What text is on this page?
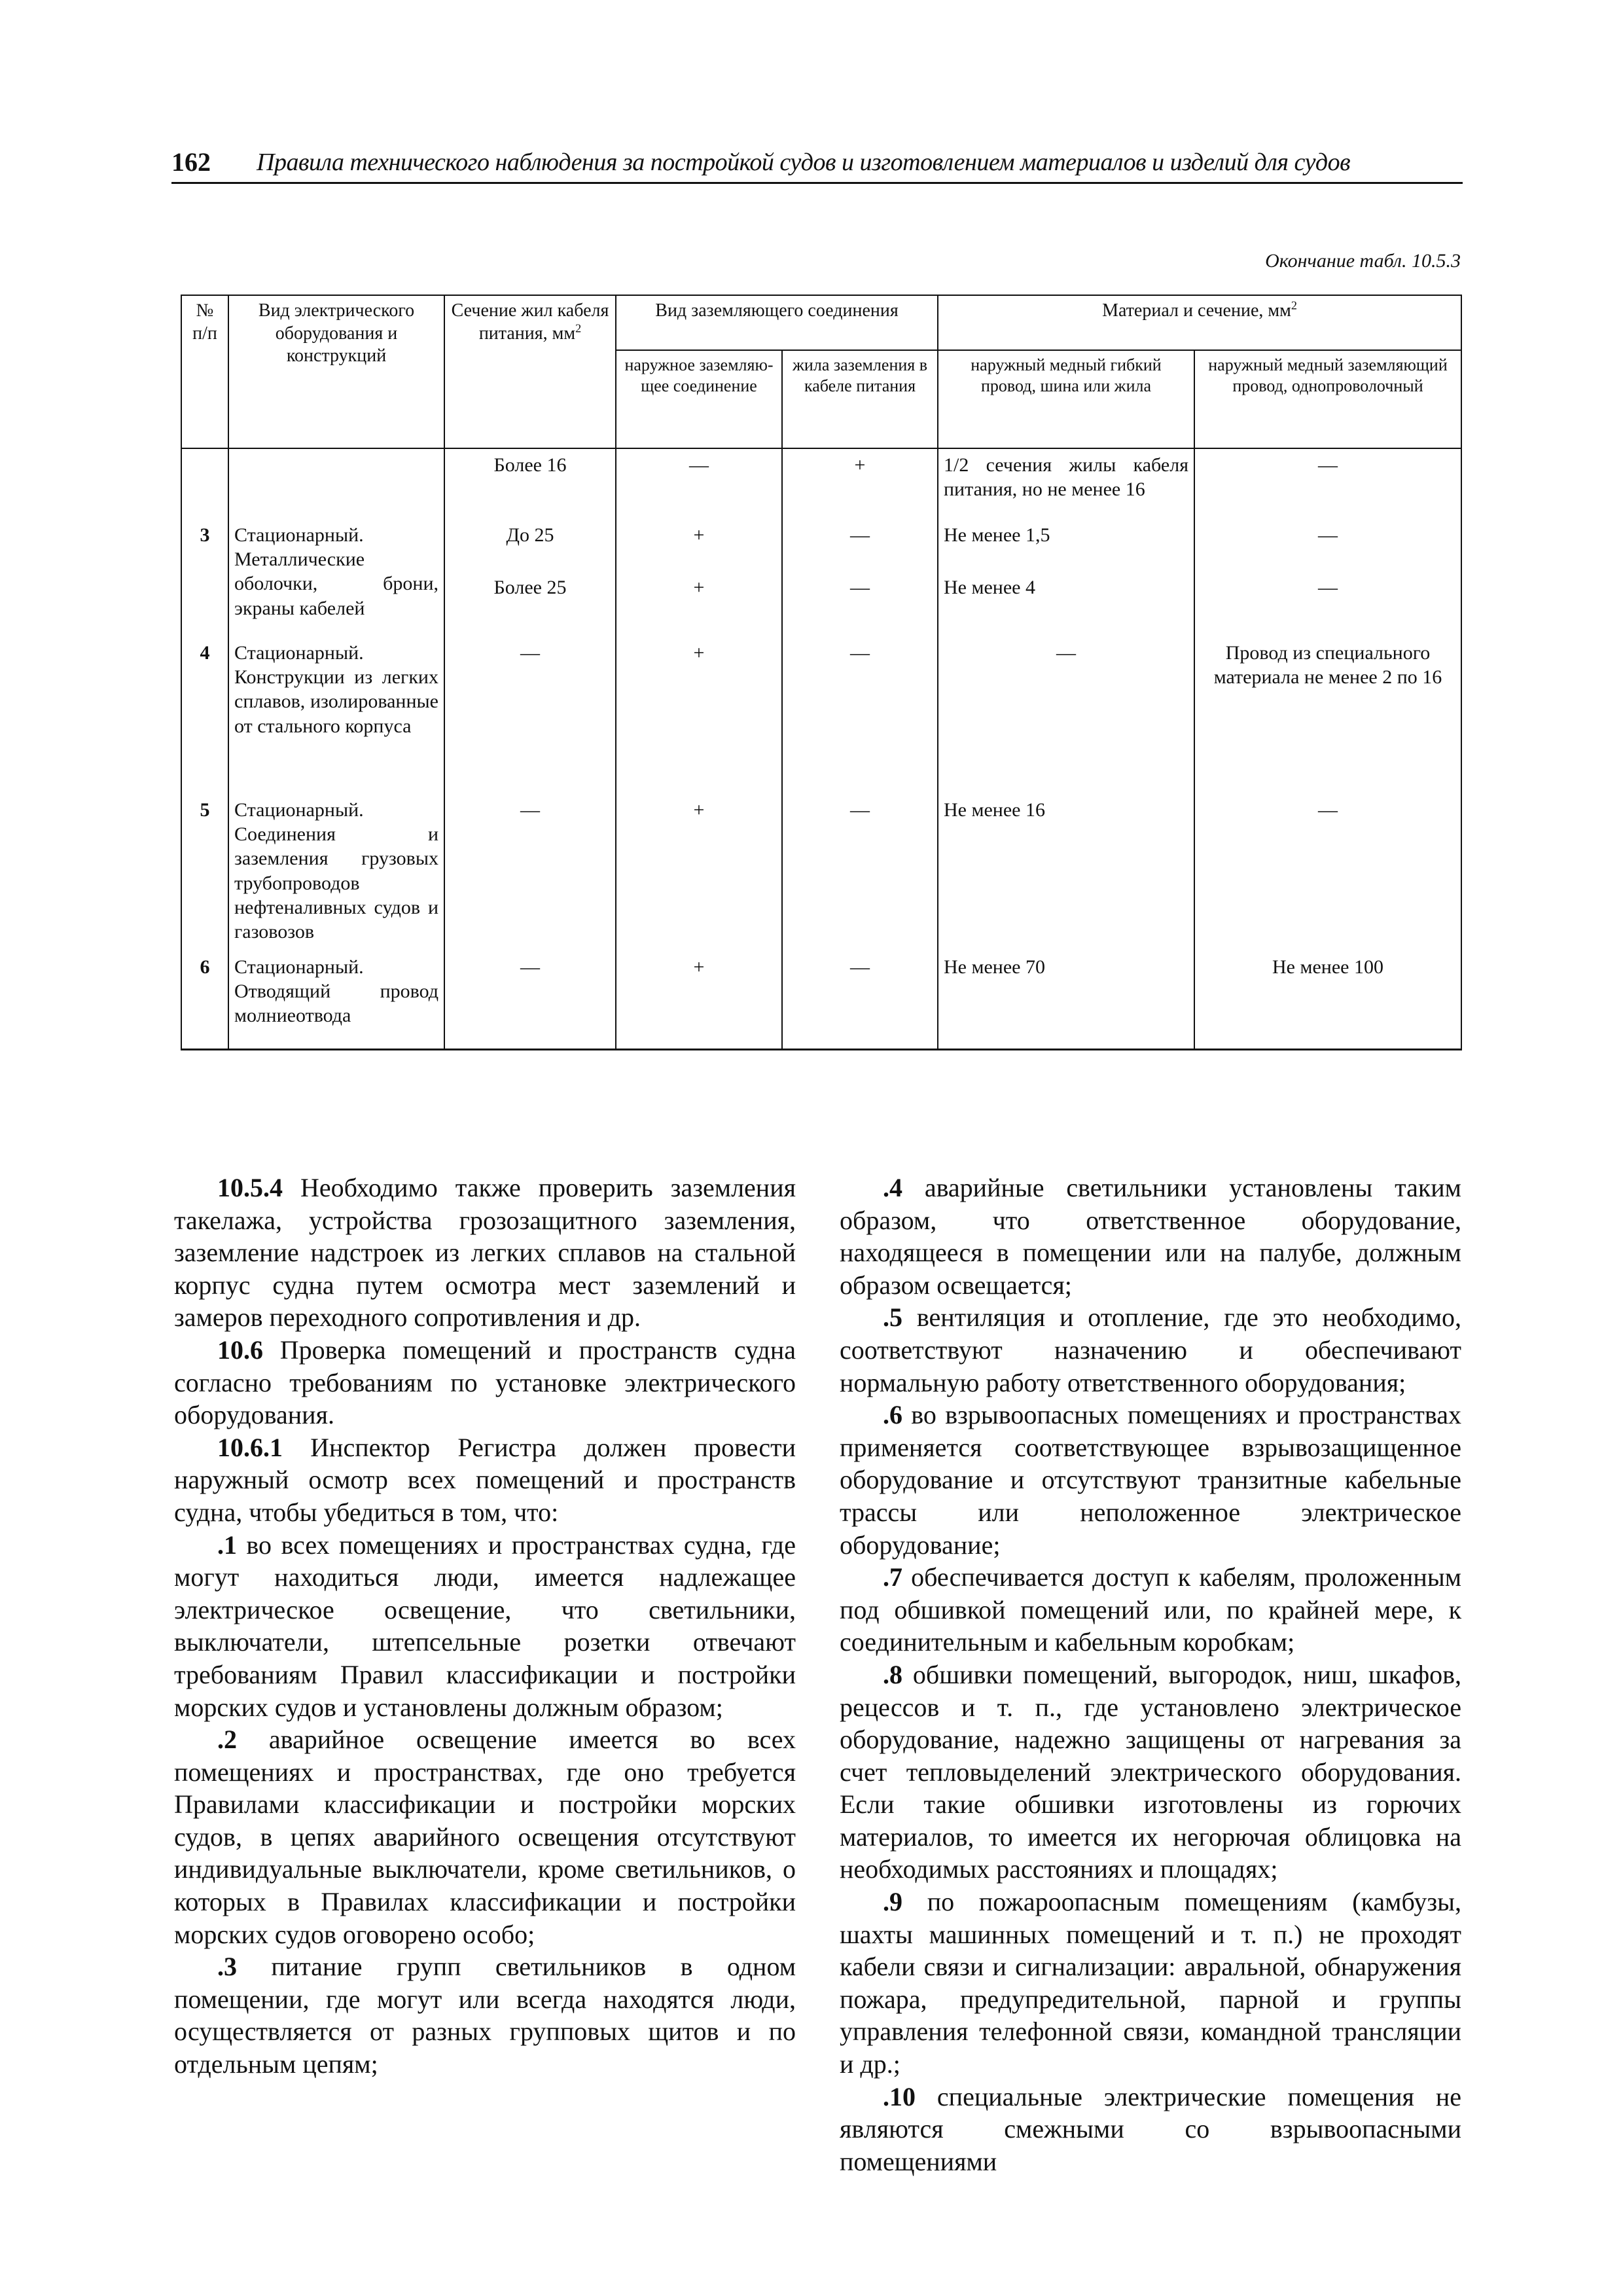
162 Правила технического наблюдения за постройкой судов и изготовлением материалов и изделий для судов
Окончание табл. 10.5.3
№ п/п	Вид электрического оборудования и конструкций	Сечение жил кабеля питания, $мм^2$	Вид заземляющего соединения		Материал и сечение, $мм^2$
			наружное заземляю-щее соединение	жила заземления в кабеле питания	наружный медный гибкий провод, шина или жила	наружный медный заземляющий провод, однопроволочный
		Более 16	—	+	1/2 сечения жилы кабеля питания, но не менее 16	—
3	Стационарный. Металлические оболочки, брони, экраны кабелей	До 25	+	—	Не менее 1,5	—
		Более 25	+	—	Не менее 4	—
4	Стационарный. Конструкции из легких сплавов, изолированные от стального корпуса	—	+	—	—	Провод из специального материала не менее 2 по 16
5	Стационарный. Соединения и заземления грузовых трубопроводов нефтеналивных судов и газовозов	—	+	—	Не менее 16	—
6	Стационарный. Отводящий провод молниеотвода	—	+	—	Не менее 70	Не менее 100

10.5.4 Необходимо также проверить заземления такелажа, устройства грозозащитного заземления, заземление надстроек из легких сплавов на стальной корпус судна путем осмотра мест заземлений и замеров переходного сопротивления и др.

10.6 Проверка помещений и пространств судна согласно требованиям по установке электрического оборудования.

10.6.1 Инспектор Регистра должен провести наружный осмотр всех помещений и пространств судна, чтобы убедиться в том, что:

.1 во всех помещениях и пространствах судна, где могут находиться люди, имеется надлежащее электрическое освещение, что светильники, выключатели, штепсельные розетки отвечают требованиям Правил классификации и постройки морских судов и установлены должным образом;

.2 аварийное освещение имеется во всех помещениях и пространствах, где оно требуется Правилами классификации и постройки морских судов, в цепях аварийного освещения отсутствуют индивидуальные выключатели, кроме светильников, о которых в Правилах классификации и постройки морских судов оговорено особо;

.3 питание групп светильников в одном помещении, где могут или всегда находятся люди, осуществляется от разных групповых щитов и по отдельным цепям;

.4 аварийные светильники установлены таким образом, что ответственное оборудование, находящееся в помещении или на палубе, должным образом освещается;

.5 вентиляция и отопление, где это необходимо, соответствуют назначению и обеспечивают нормальную работу ответственного оборудования;

.6 во взрывоопасных помещениях и пространствах применяется соответствующее взрывозащищенное оборудование и отсутствуют транзитные кабельные трассы или неположенное электрическое оборудование;

.7 обеспечивается доступ к кабелям, проложенным под обшивкой помещений или, по крайней мере, к соединительным и кабельным коробкам;

.8 обшивки помещений, выгородок, ниш, шкафов, рецессов и т. п., где установлено электрическое оборудование, надежно защищены от нагревания за счет тепловыделений электрического оборудования. Если такие обшивки изготовлены из горючих материалов, то имеется их негорючая облицовка на необходимых расстояниях и площадях;

.9 по пожароопасным помещениям (камбузы, шахты машинных помещений и т. п.) не проходят кабели связи и сигнализации: авральной, обнаружения пожара, предупредительной, парной и группы управления телефонной связи, командной трансляции и др.;

.10 специальные электрические помещения не являются смежными со взрывоопасными помещениями
